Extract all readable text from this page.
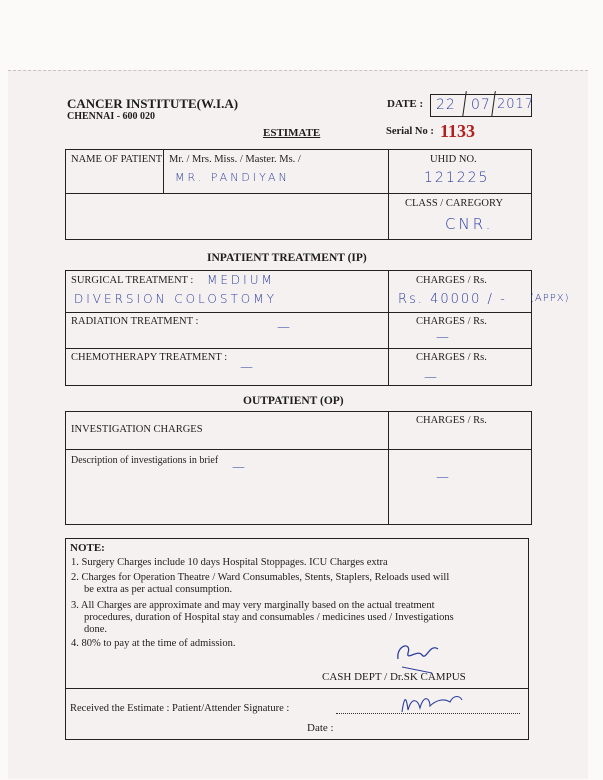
CANCER INSTITUTE(W.I.A)
CHENNAI - 600 020
ESTIMATE
DATE : 22 07 2017
Serial No : 1133
NAME OF PATIENT Mr. / Mrs. Miss. / Master. Ms. /
MR. PANDIYAN
UHID NO.
121225
CLASS / CAREGORY
CNR.
INPATIENT TREATMENT (IP)
SURGICAL TREATMENT : MEDIUM
DIVERSION COLOSTOMY
CHARGES / Rs.
Rs. 40000 / - (APPX)
RADIATION TREATMENT :	—	CHARGES / Rs.
—
CHEMOTHERAPY TREATMENT :
—
CHARGES / Rs.
—
OUTPATIENT (OP)
INVESTIGATION CHARGES
CHARGES / Rs.
Description of investigations in brief —
—
NOTE:
1. Surgery Charges include 10 days Hospital Stoppages. ICU Charges extra
2. Charges for Operation Theatre / Ward Consumables, Stents, Staplers, Reloads used will
be extra as per actual consumption.
3. All Charges are approximate and may very marginally based on the actual treatment
procedures, duration of Hospital stay and consumables / medicines used / Investigations
done.
4. 80% to pay at the time of admission.
CASH DEPT / Dr.SK CAMPUS
Received the Estimate : Patient/Attender Signature :
Date :
